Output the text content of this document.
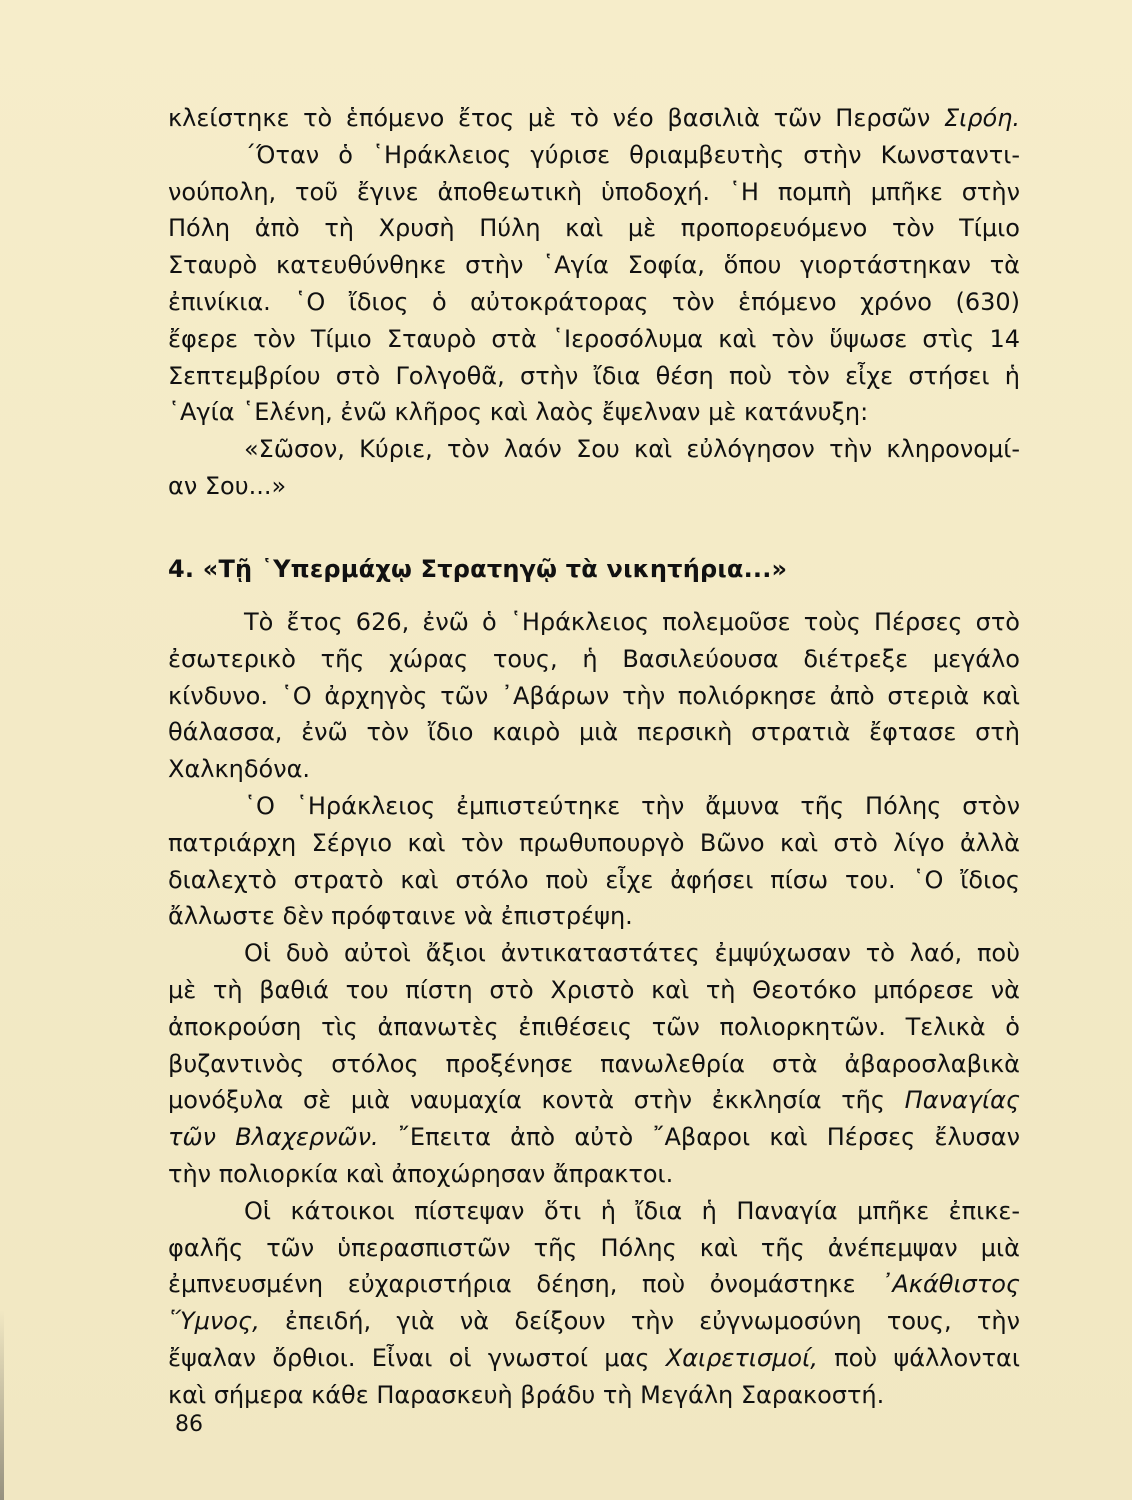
κλείστηκε τὸ ἑπόμενο ἔτος μὲ τὸ νέο βασιλιὰ τῶν Περσῶν Σιρόη.
΄Όταν ὁ ῾Ηράκλειος γύρισε θριαμβευτὴς στὴν Κωνσταντι-
νούπολη, τοῦ ἔγινε ἀποθεωτικὴ ὑποδοχή. ῾Η πομπὴ μπῆκε στὴν
Πόλη ἀπὸ τὴ Χρυσὴ Πύλη καὶ μὲ προπορευόμενο τὸν Τίμιο
Σταυρὸ κατευθύνθηκε στὴν ῾Αγία Σοφία, ὅπου γιορτάστηκαν τὰ
ἐπινίκια. ῾Ο ἴδιος ὁ αὐτοκράτορας τὸν ἑπόμενο χρόνο (630)
ἔφερε τὸν Τίμιο Σταυρὸ στὰ ῾Ιεροσόλυμα καὶ τὸν ὕψωσε στὶς 14
Σεπτεμβρίου στὸ Γολγοθᾶ, στὴν ἴδια θέση ποὺ τὸν εἶχε στήσει ἡ
῾Αγία ῾Ελένη, ἐνῶ κλῆρος καὶ λαὸς ἔψελναν μὲ κατάνυξη:
«Σῶσον, Κύριε, τὸν λαόν Σου καὶ εὐλόγησον τὴν κληρονομί-
αν Σου...»
4. «Τῇ ῾Υπερμάχῳ Στρατηγῷ τὰ νικητήρια...»
Τὸ ἔτος 626, ἐνῶ ὁ ῾Ηράκλειος πολεμοῦσε τοὺς Πέρσες στὸ
ἐσωτερικὸ τῆς χώρας τους, ἡ Βασιλεύουσα διέτρεξε μεγάλο
κίνδυνο. ῾Ο ἀρχηγὸς τῶν ᾿Αβάρων τὴν πολιόρκησε ἀπὸ στεριὰ καὶ
θάλασσα, ἐνῶ τὸν ἴδιο καιρὸ μιὰ περσικὴ στρατιὰ ἔφτασε στὴ
Χαλκηδόνα.
῾Ο ῾Ηράκλειος ἐμπιστεύτηκε τὴν ἄμυνα τῆς Πόλης στὸν
πατριάρχη Σέργιο καὶ τὸν πρωθυπουργὸ Βῶνο καὶ στὸ λίγο ἀλλὰ
διαλεχτὸ στρατὸ καὶ στόλο ποὺ εἶχε ἀφήσει πίσω του. ῾Ο ἴδιος
ἄλλωστε δὲν πρόφταινε νὰ ἐπιστρέψη.
Οἱ δυὸ αὐτοὶ ἄξιοι ἀντικαταστάτες ἐμψύχωσαν τὸ λαό, ποὺ
μὲ τὴ βαθιά του πίστη στὸ Χριστὸ καὶ τὴ Θεοτόκο μπόρεσε νὰ
ἀποκρούση τὶς ἀπανωτὲς ἐπιθέσεις τῶν πολιορκητῶν. Τελικὰ ὁ
βυζαντινὸς στόλος προξένησε πανωλεθρία στὰ ἀβαροσλαβικὰ
μονόξυλα σὲ μιὰ ναυμαχία κοντὰ στὴν ἐκκλησία τῆς Παναγίας
τῶν Βλαχερνῶν. ῎Επειτα ἀπὸ αὐτὸ ῎Αβαροι καὶ Πέρσες ἔλυσαν
τὴν πολιορκία καὶ ἀποχώρησαν ἄπρακτοι.
Οἱ κάτοικοι πίστεψαν ὅτι ἡ ἴδια ἡ Παναγία μπῆκε ἐπικε-
φαλῆς τῶν ὑπερασπιστῶν τῆς Πόλης καὶ τῆς ἀνέπεμψαν μιὰ
ἐμπνευσμένη εὐχαριστήρια δέηση, ποὺ ὀνομάστηκε ᾿Ακάθιστος
῞Υμνος, ἐπειδή, γιὰ νὰ δείξουν τὴν εὐγνωμοσύνη τους, τὴν
ἔψαλαν ὄρθιοι. Εἶναι οἱ γνωστοί μας Χαιρετισμοί, ποὺ ψάλλονται
καὶ σήμερα κάθε Παρασκευὴ βράδυ τὴ Μεγάλη Σαρακοστή.
86
